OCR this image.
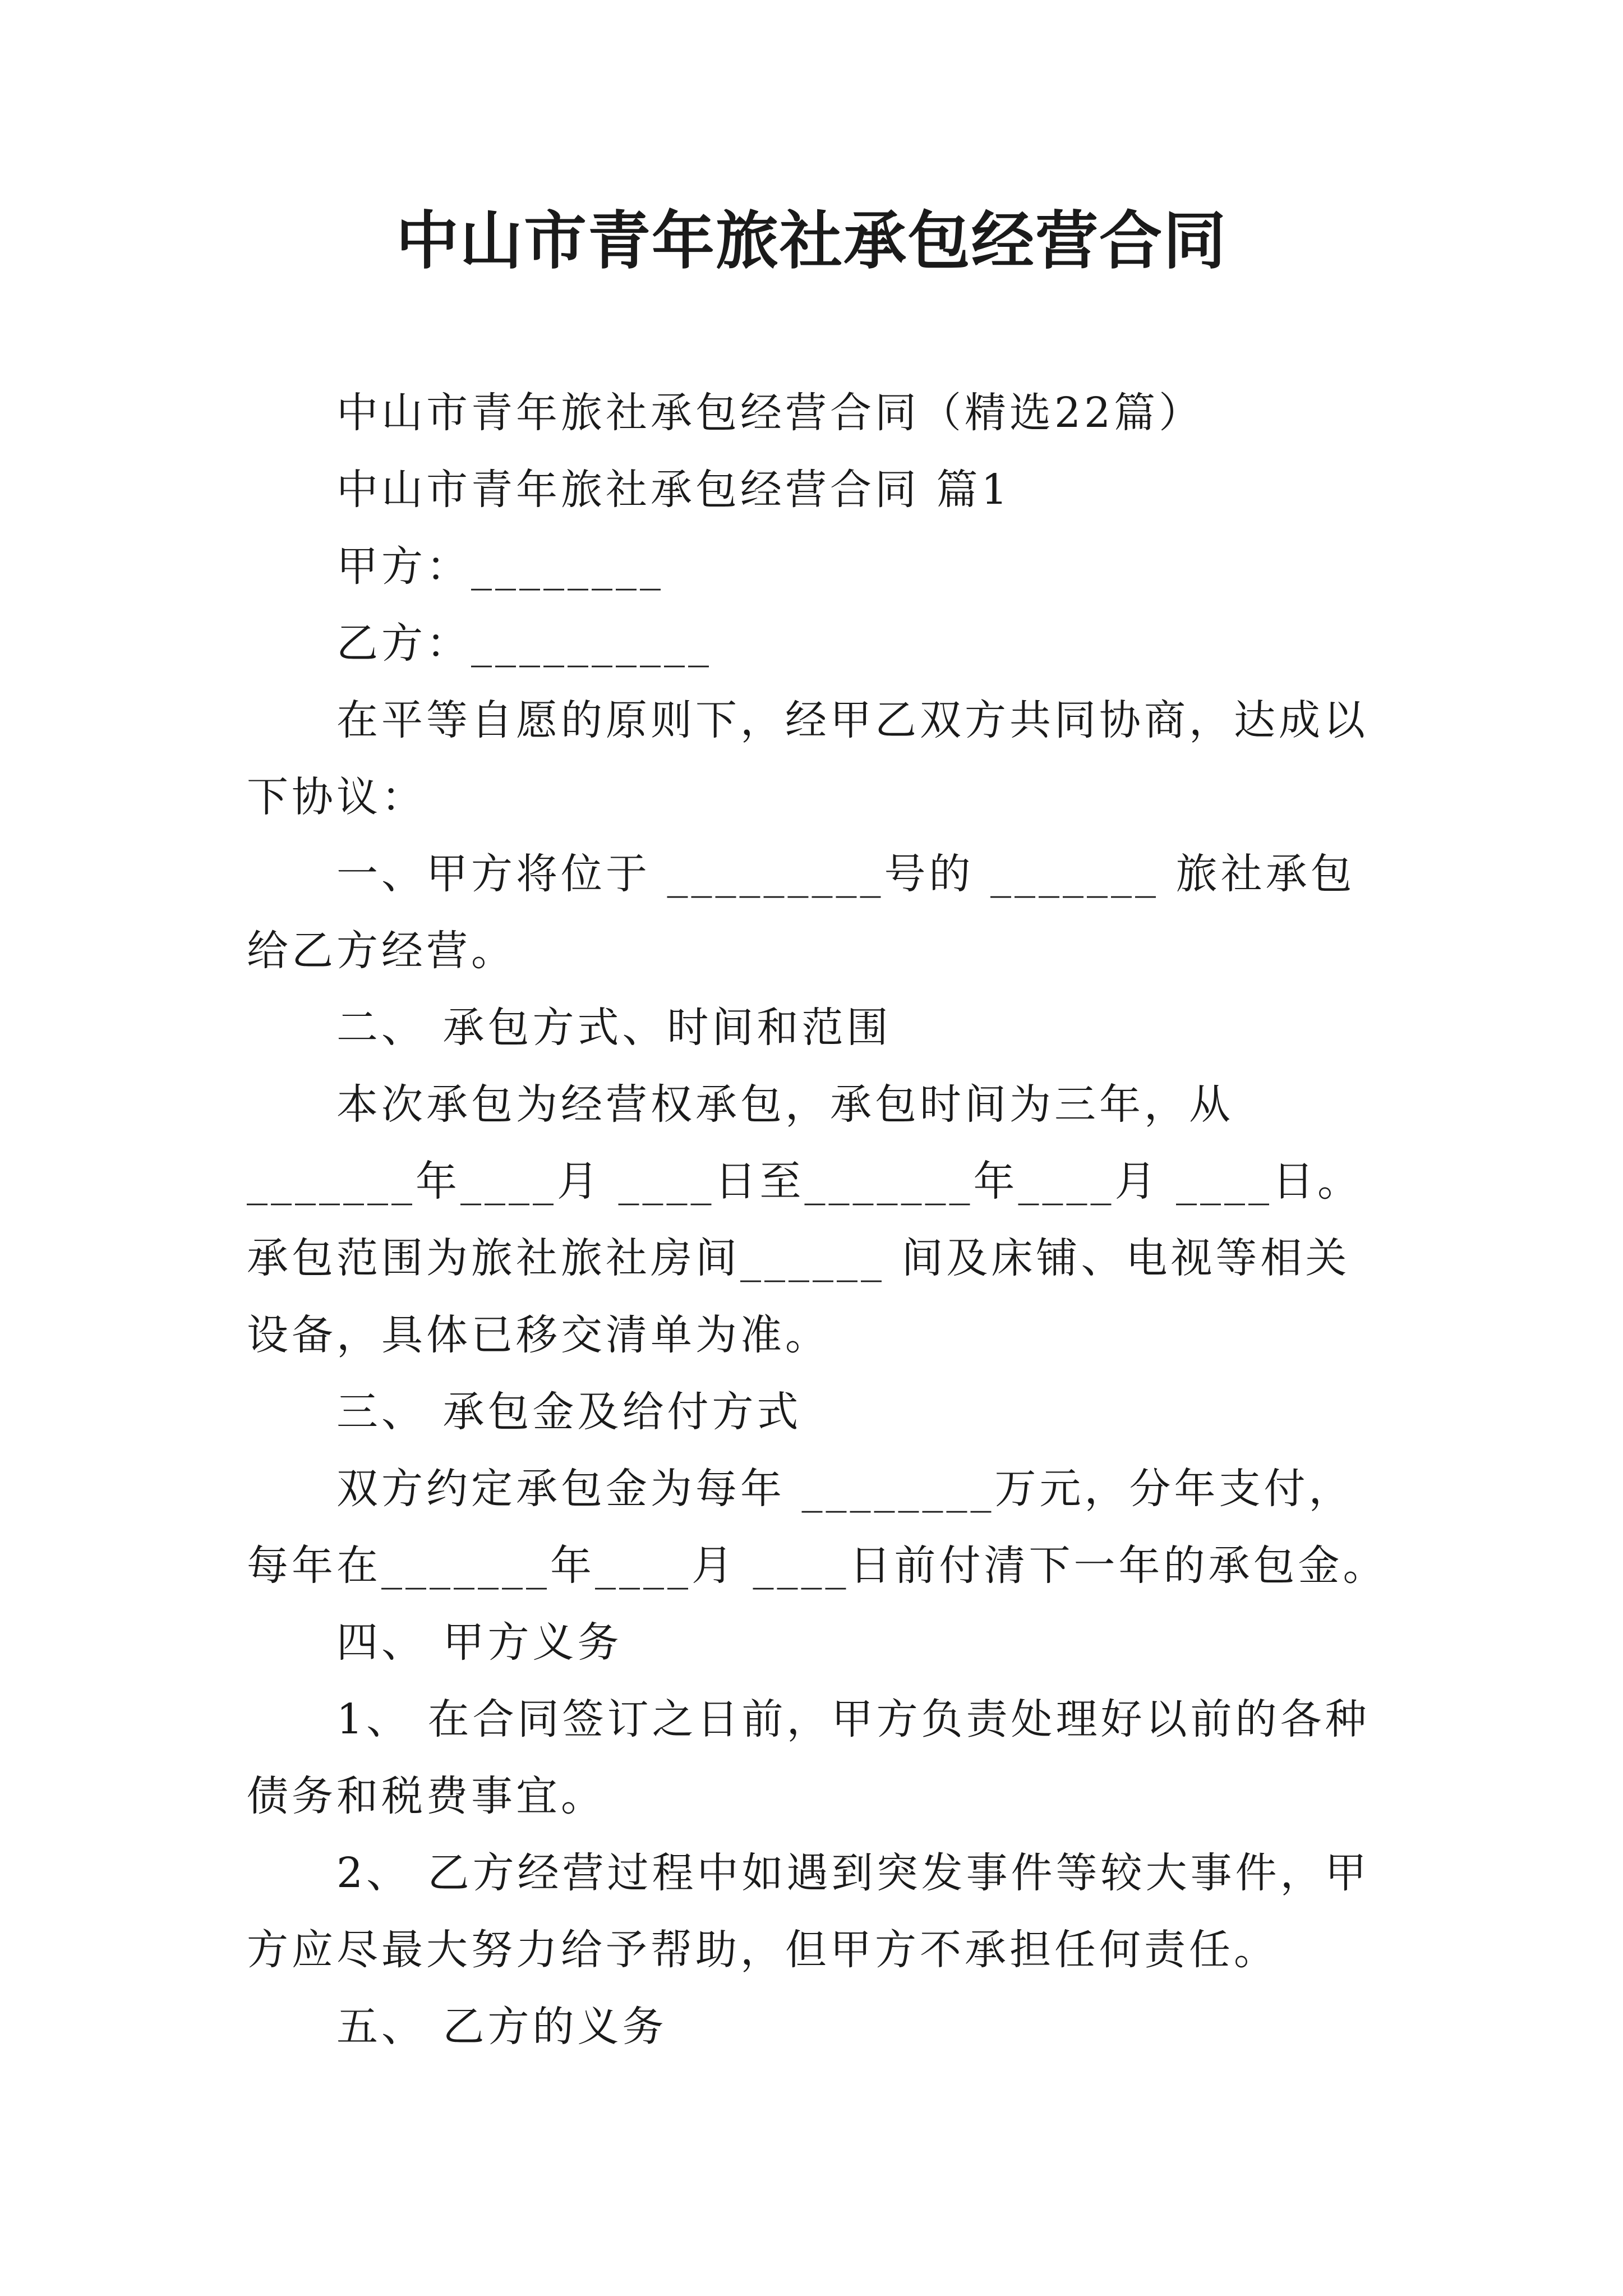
中山市青年旅社承包经营合同

中山市青年旅社承包经营合同（精选22篇）

中山市青年旅社承包经营合同 篇1

甲方：________

乙方：__________

在平等自愿的原则下，经甲乙双方共同协商，达成以下协议：

一、甲方将位于 _________号的 _______ 旅社承包给乙方经营。

二、 承包方式、时间和范围

本次承包为经营权承包，承包时间为三年，从_______年____月 ____日至_______年____月 ____日。承包范围为旅社旅社房间______ 间及床铺、电视等相关设备，具体已移交清单为准。

三、 承包金及给付方式

双方约定承包金为每年 ________万元，分年支付，每年在_______年____月 ____日前付清下一年的承包金。

四、 甲方义务

1、 在合同签订之日前，甲方负责处理好以前的各种债务和税费事宜。

2、 乙方经营过程中如遇到突发事件等较大事件，甲方应尽最大努力给予帮助，但甲方不承担任何责任。

五、 乙方的义务
